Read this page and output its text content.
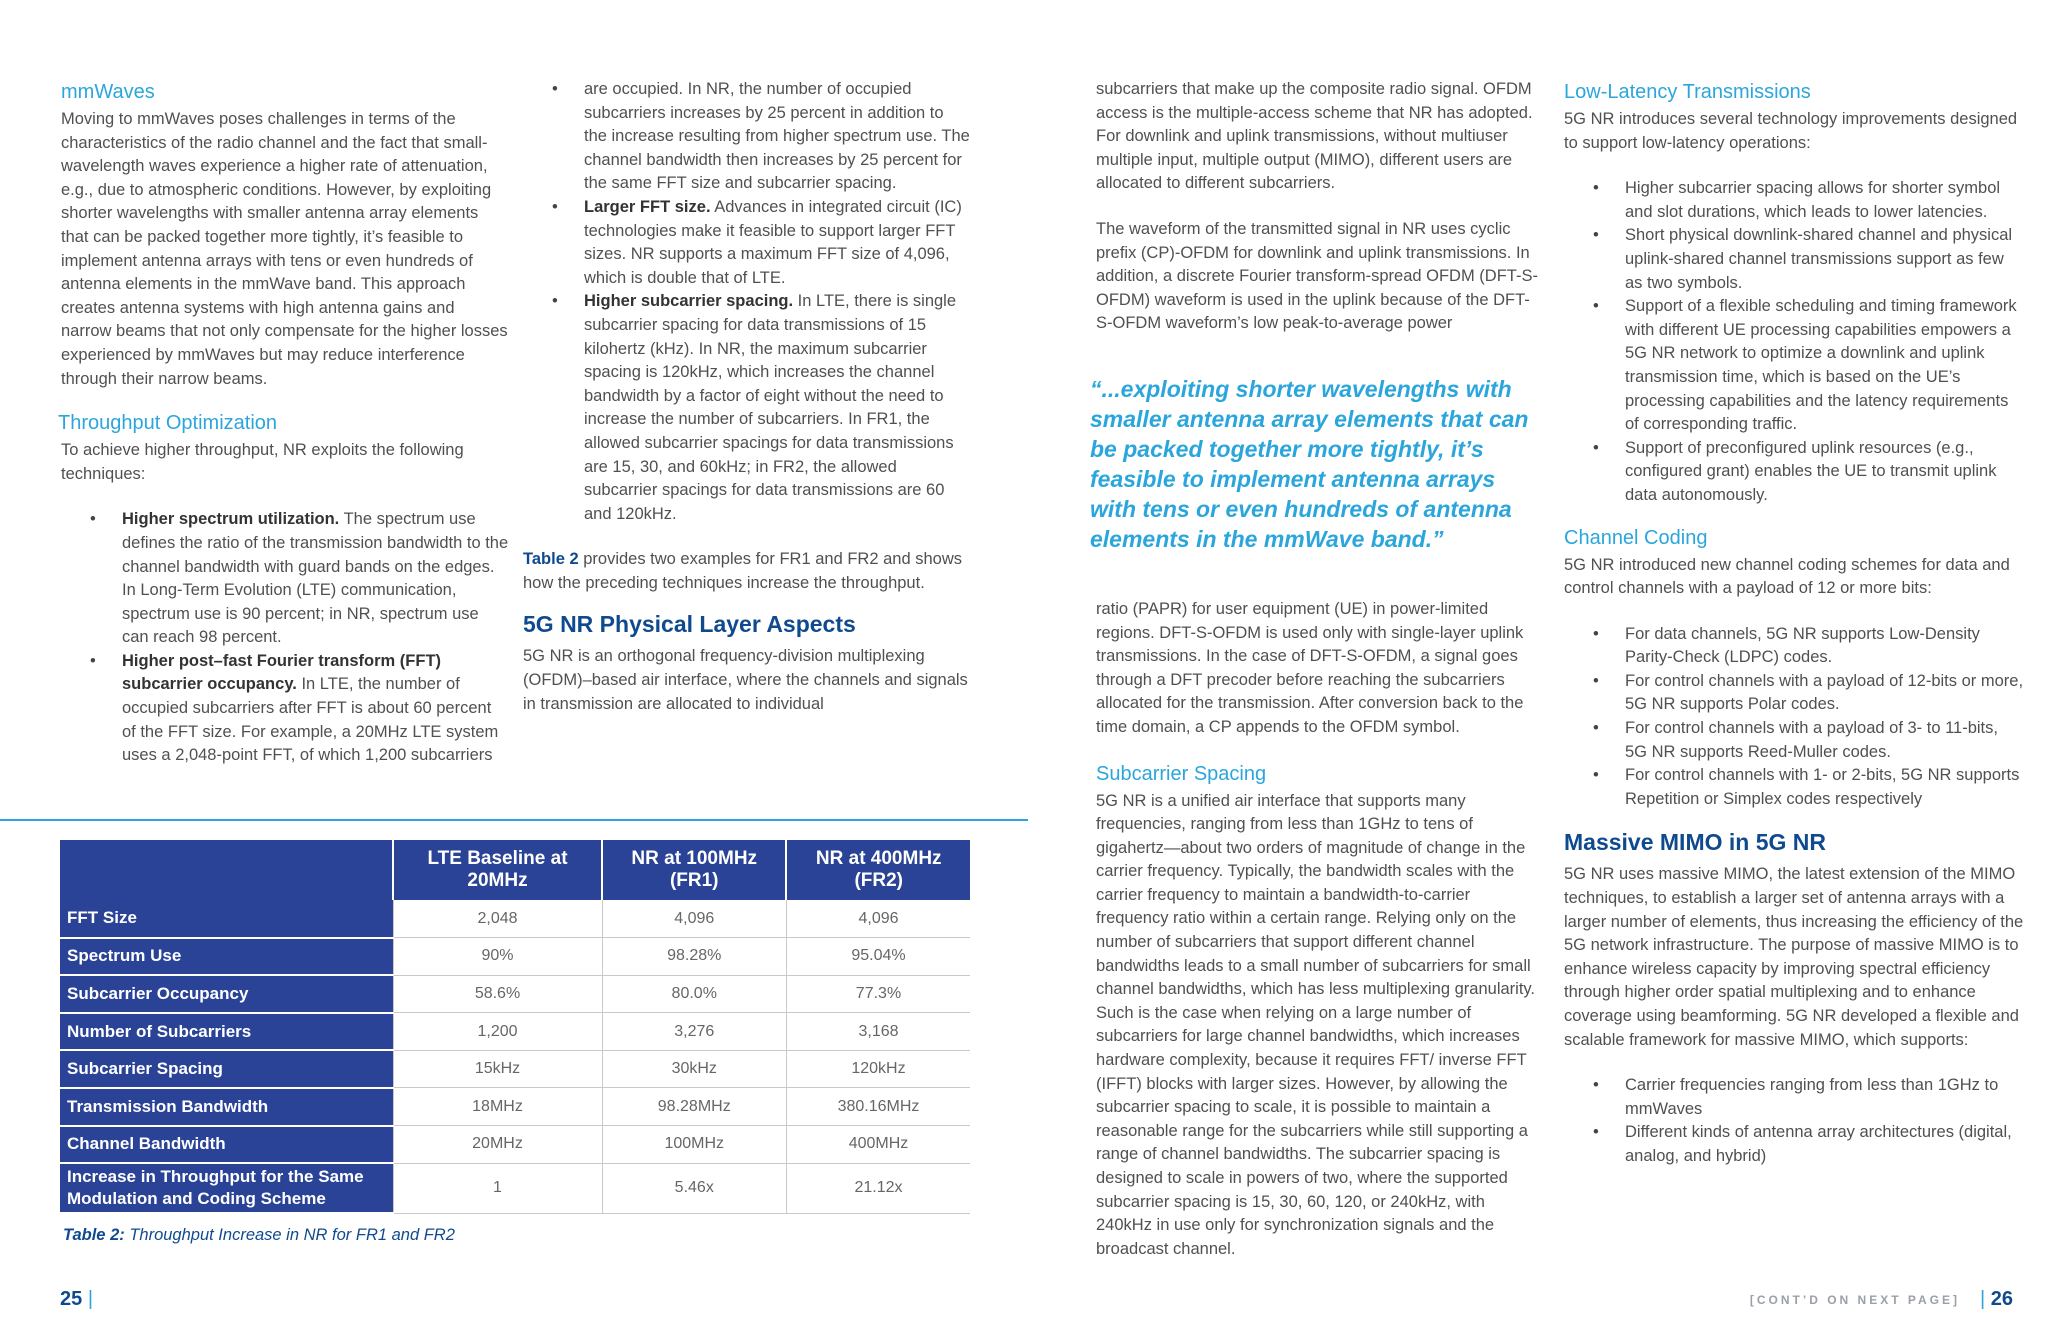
mmWaves

Moving to mmWaves poses challenges in terms of the characteristics of the radio channel and the fact that small-wavelength waves experience a higher rate of attenuation, e.g., due to atmospheric conditions. However, by exploiting shorter wavelengths with smaller antenna array elements that can be packed together more tightly, it’s feasible to implement antenna arrays with tens or even hundreds of antenna elements in the mmWave band. This approach creates antenna systems with high antenna gains and narrow beams that not only compensate for the higher losses experienced by mmWaves but may reduce interference through their narrow beams.

Throughput Optimization

To achieve higher throughput, NR exploits the following techniques:

• Higher spectrum utilization. The spectrum use defines the ratio of the transmission bandwidth to the channel bandwidth with guard bands on the edges. In Long-Term Evolution (LTE) communication, spectrum use is 90 percent; in NR, spectrum use can reach 98 percent.
• Higher post–fast Fourier transform (FFT) subcarrier occupancy. In LTE, the number of occupied subcarriers after FFT is about 60 percent of the FFT size. For example, a 20MHz LTE system uses a 2,048-point FFT, of which 1,200 subcarriers
• are occupied. In NR, the number of occupied subcarriers increases by 25 percent in addition to the increase resulting from higher spectrum use. The channel bandwidth then increases by 25 percent for the same FFT size and subcarrier spacing.
• Larger FFT size. Advances in integrated circuit (IC) technologies make it feasible to support larger FFT sizes. NR supports a maximum FFT size of 4,096, which is double that of LTE.
• Higher subcarrier spacing. In LTE, there is single subcarrier spacing for data transmissions of 15 kilohertz (kHz). In NR, the maximum subcarrier spacing is 120kHz, which increases the channel bandwidth by a factor of eight without the need to increase the number of subcarriers. In FR1, the allowed subcarrier spacings for data transmissions are 15, 30, and 60kHz; in FR2, the allowed subcarrier spacings for data transmissions are 60 and 120kHz.

Table 2 provides two examples for FR1 and FR2 and shows how the preceding techniques increase the throughput.

5G NR Physical Layer Aspects

5G NR is an orthogonal frequency-division multiplexing (OFDM)–based air interface, where the channels and signals in transmission are allocated to individual

	LTE Baseline at 20MHz	NR at 100MHz (FR1)	NR at 400MHz (FR2)
FFT Size	2,048	4,096	4,096
Spectrum Use	90%	98.28%	95.04%
Subcarrier Occupancy	58.6%	80.0%	77.3%
Number of Subcarriers	1,200	3,276	3,168
Subcarrier Spacing	15kHz	30kHz	120kHz
Transmission Bandwidth	18MHz	98.28MHz	380.16MHz
Channel Bandwidth	20MHz	100MHz	400MHz
Increase in Throughput for the Same Modulation and Coding Scheme	1	5.46x	21.12x
Table 2: Throughput Increase in NR for FR1 and FR2

subcarriers that make up the composite radio signal. OFDM access is the multiple-access scheme that NR has adopted. For downlink and uplink transmissions, without multiuser multiple input, multiple output (MIMO), different users are allocated to different subcarriers.

The waveform of the transmitted signal in NR uses cyclic prefix (CP)-OFDM for downlink and uplink transmissions. In addition, a discrete Fourier transform-spread OFDM (DFT-S-OFDM) waveform is used in the uplink because of the DFT-S-OFDM waveform’s low peak-to-average power

“...exploiting shorter wavelengths with smaller antenna array elements that can be packed together more tightly, it’s feasible to implement antenna arrays with tens or even hundreds of antenna elements in the mmWave band.”

ratio (PAPR) for user equipment (UE) in power-limited regions. DFT-S-OFDM is used only with single-layer uplink transmissions. In the case of DFT-S-OFDM, a signal goes through a DFT precoder before reaching the subcarriers allocated for the transmission. After conversion back to the time domain, a CP appends to the OFDM symbol.

Subcarrier Spacing

5G NR is a unified air interface that supports many frequencies, ranging from less than 1GHz to tens of gigahertz—about two orders of magnitude of change in the carrier frequency. Typically, the bandwidth scales with the carrier frequency to maintain a bandwidth-to-carrier frequency ratio within a certain range. Relying only on the number of subcarriers that support different channel bandwidths leads to a small number of subcarriers for small channel bandwidths, which has less multiplexing granularity. Such is the case when relying on a large number of subcarriers for large channel bandwidths, which increases hardware complexity, because it requires FFT/ inverse FFT (IFFT) blocks with larger sizes. However, by allowing the subcarrier spacing to scale, it is possible to maintain a reasonable range for the subcarriers while still supporting a range of channel bandwidths. The subcarrier spacing is designed to scale in powers of two, where the supported subcarrier spacing is 15, 30, 60, 120, or 240kHz, with 240kHz in use only for synchronization signals and the broadcast channel.

Low-Latency Transmissions

5G NR introduces several technology improvements designed to support low-latency operations:

• Higher subcarrier spacing allows for shorter symbol and slot durations, which leads to lower latencies.
• Short physical downlink-shared channel and physical uplink-shared channel transmissions support as few as two symbols.
• Support of a flexible scheduling and timing framework with different UE processing capabilities empowers a 5G NR network to optimize a downlink and uplink transmission time, which is based on the UE’s processing capabilities and the latency requirements of corresponding traffic.
• Support of preconfigured uplink resources (e.g., configured grant) enables the UE to transmit uplink data autonomously.
Channel Coding

5G NR introduced new channel coding schemes for data and control channels with a payload of 12 or more bits:

• For data channels, 5G NR supports Low-Density Parity-Check (LDPC) codes.
• For control channels with a payload of 12-bits or more, 5G NR supports Polar codes.
• For control channels with a payload of 3- to 11-bits, 5G NR supports Reed-Muller codes.
• For control channels with 1- or 2-bits, 5G NR supports Repetition or Simplex codes respectively
Massive MIMO in 5G NR

5G NR uses massive MIMO, the latest extension of the MIMO techniques, to establish a larger set of antenna arrays with a larger number of elements, thus increasing the efficiency of the 5G network infrastructure. The purpose of massive MIMO is to enhance wireless capacity by improving spectral efficiency through higher order spatial multiplexing and to enhance coverage using beamforming. 5G NR developed a flexible and scalable framework for massive MIMO, which supports:

• Carrier frequencies ranging from less than 1GHz to mmWaves
• Different kinds of antenna array architectures (digital, analog, and hybrid)
25 |	[CONT’D ON NEXT PAGE] | 26
